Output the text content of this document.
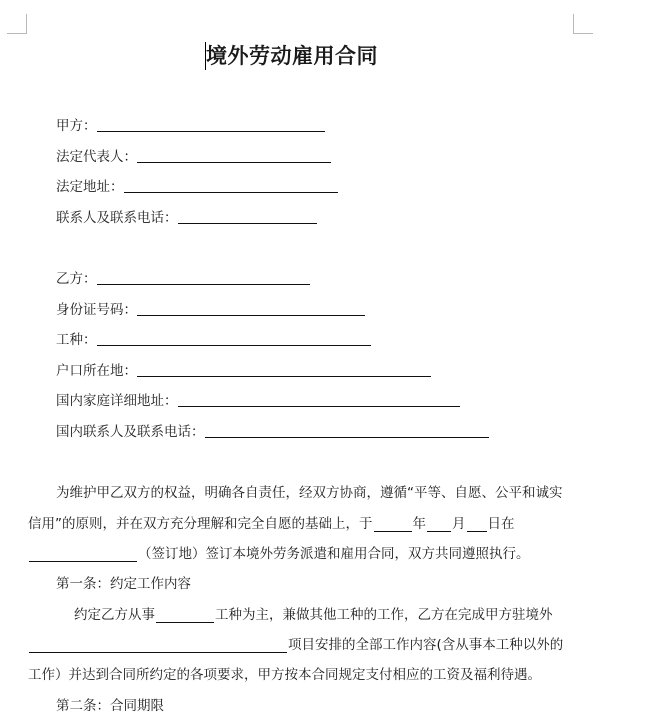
境外劳动雇用合同
甲方：
法定代表人：
法定地址：
联系人及联系电话：
乙方：
身份证号码：
工种：
户口所在地：
国内家庭详细地址：
国内联系人及联系电话：
为维护甲乙双方的权益，明确各自责任，经双方协商，遵循“平等、自愿、公平和诚实
信用”的原则，并在双方充分理解和完全自愿的基础上，于	年 月 日在
（签订地）签订本境外劳务派遣和雇用合同，双方共同遵照执行。
第一条：约定工作内容
约定乙方从事	工种为主，兼做其他工种的工作，乙方在完成甲方驻境外
项目安排的全部工作内容(含从事本工种以外的
工作）并达到合同所约定的各项要求，甲方按本合同规定支付相应的工资及福利待遇。
第二条：合同期限
